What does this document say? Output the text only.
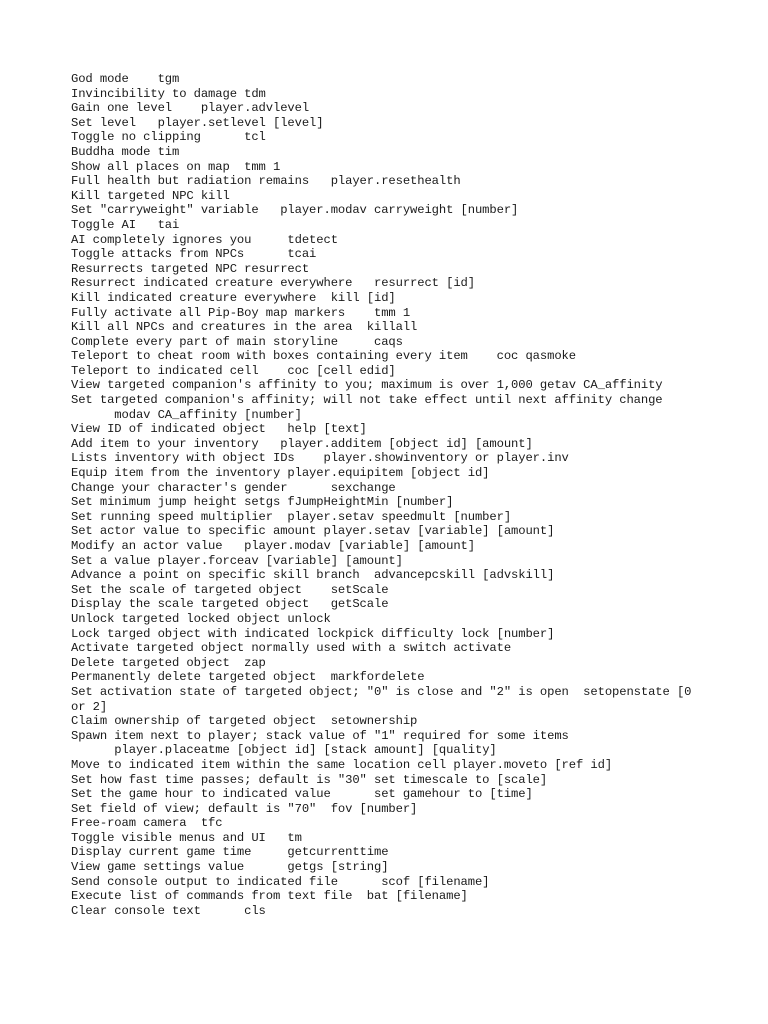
God mode    tgm
Invincibility to damage tdm
Gain one level    player.advlevel
Set level   player.setlevel [level]
Toggle no clipping      tcl
Buddha mode tim
Show all places on map  tmm 1
Full health but radiation remains   player.resethealth
Kill targeted NPC kill
Set "carryweight" variable   player.modav carryweight [number]
Toggle AI   tai
AI completely ignores you     tdetect
Toggle attacks from NPCs      tcai
Resurrects targeted NPC resurrect
Resurrect indicated creature everywhere   resurrect [id]
Kill indicated creature everywhere  kill [id]
Fully activate all Pip-Boy map markers    tmm 1
Kill all NPCs and creatures in the area  killall
Complete every part of main storyline     caqs
Teleport to cheat room with boxes containing every item    coc qasmoke
Teleport to indicated cell    coc [cell edid]
View targeted companion's affinity to you; maximum is over 1,000 getav CA_affinity
Set targeted companion's affinity; will not take effect until next affinity change
modav CA_affinity [number]
View ID of indicated object   help [text]
Add item to your inventory   player.additem [object id] [amount]
Lists inventory with object IDs    player.showinventory or player.inv
Equip item from the inventory player.equipitem [object id]
Change your character's gender      sexchange
Set minimum jump height setgs fJumpHeightMin [number]
Set running speed multiplier  player.setav speedmult [number]
Set actor value to specific amount player.setav [variable] [amount]
Modify an actor value   player.modav [variable] [amount]
Set a value player.forceav [variable] [amount]
Advance a point on specific skill branch  advancepcskill [advskill]
Set the scale of targeted object    setScale
Display the scale targeted object   getScale
Unlock targeted locked object unlock
Lock targed object with indicated lockpick difficulty lock [number]
Activate targeted object normally used with a switch activate
Delete targeted object  zap
Permanently delete targeted object  markfordelete
Set activation state of targeted object; "0" is close and "2" is open  setopenstate [0 or 2]
Claim ownership of targeted object  setownership
Spawn item next to player; stack value of "1" required for some items
player.placeatme [object id] [stack amount] [quality]
Move to indicated item within the same location cell player.moveto [ref id]
Set how fast time passes; default is "30" set timescale to [scale]
Set the game hour to indicated value      set gamehour to [time]
Set field of view; default is "70"  fov [number]
Free-roam camera  tfc
Toggle visible menus and UI   tm
Display current game time     getcurrenttime
View game settings value      getgs [string]
Send console output to indicated file      scof [filename]
Execute list of commands from text file  bat [filename]
Clear console text      cls
